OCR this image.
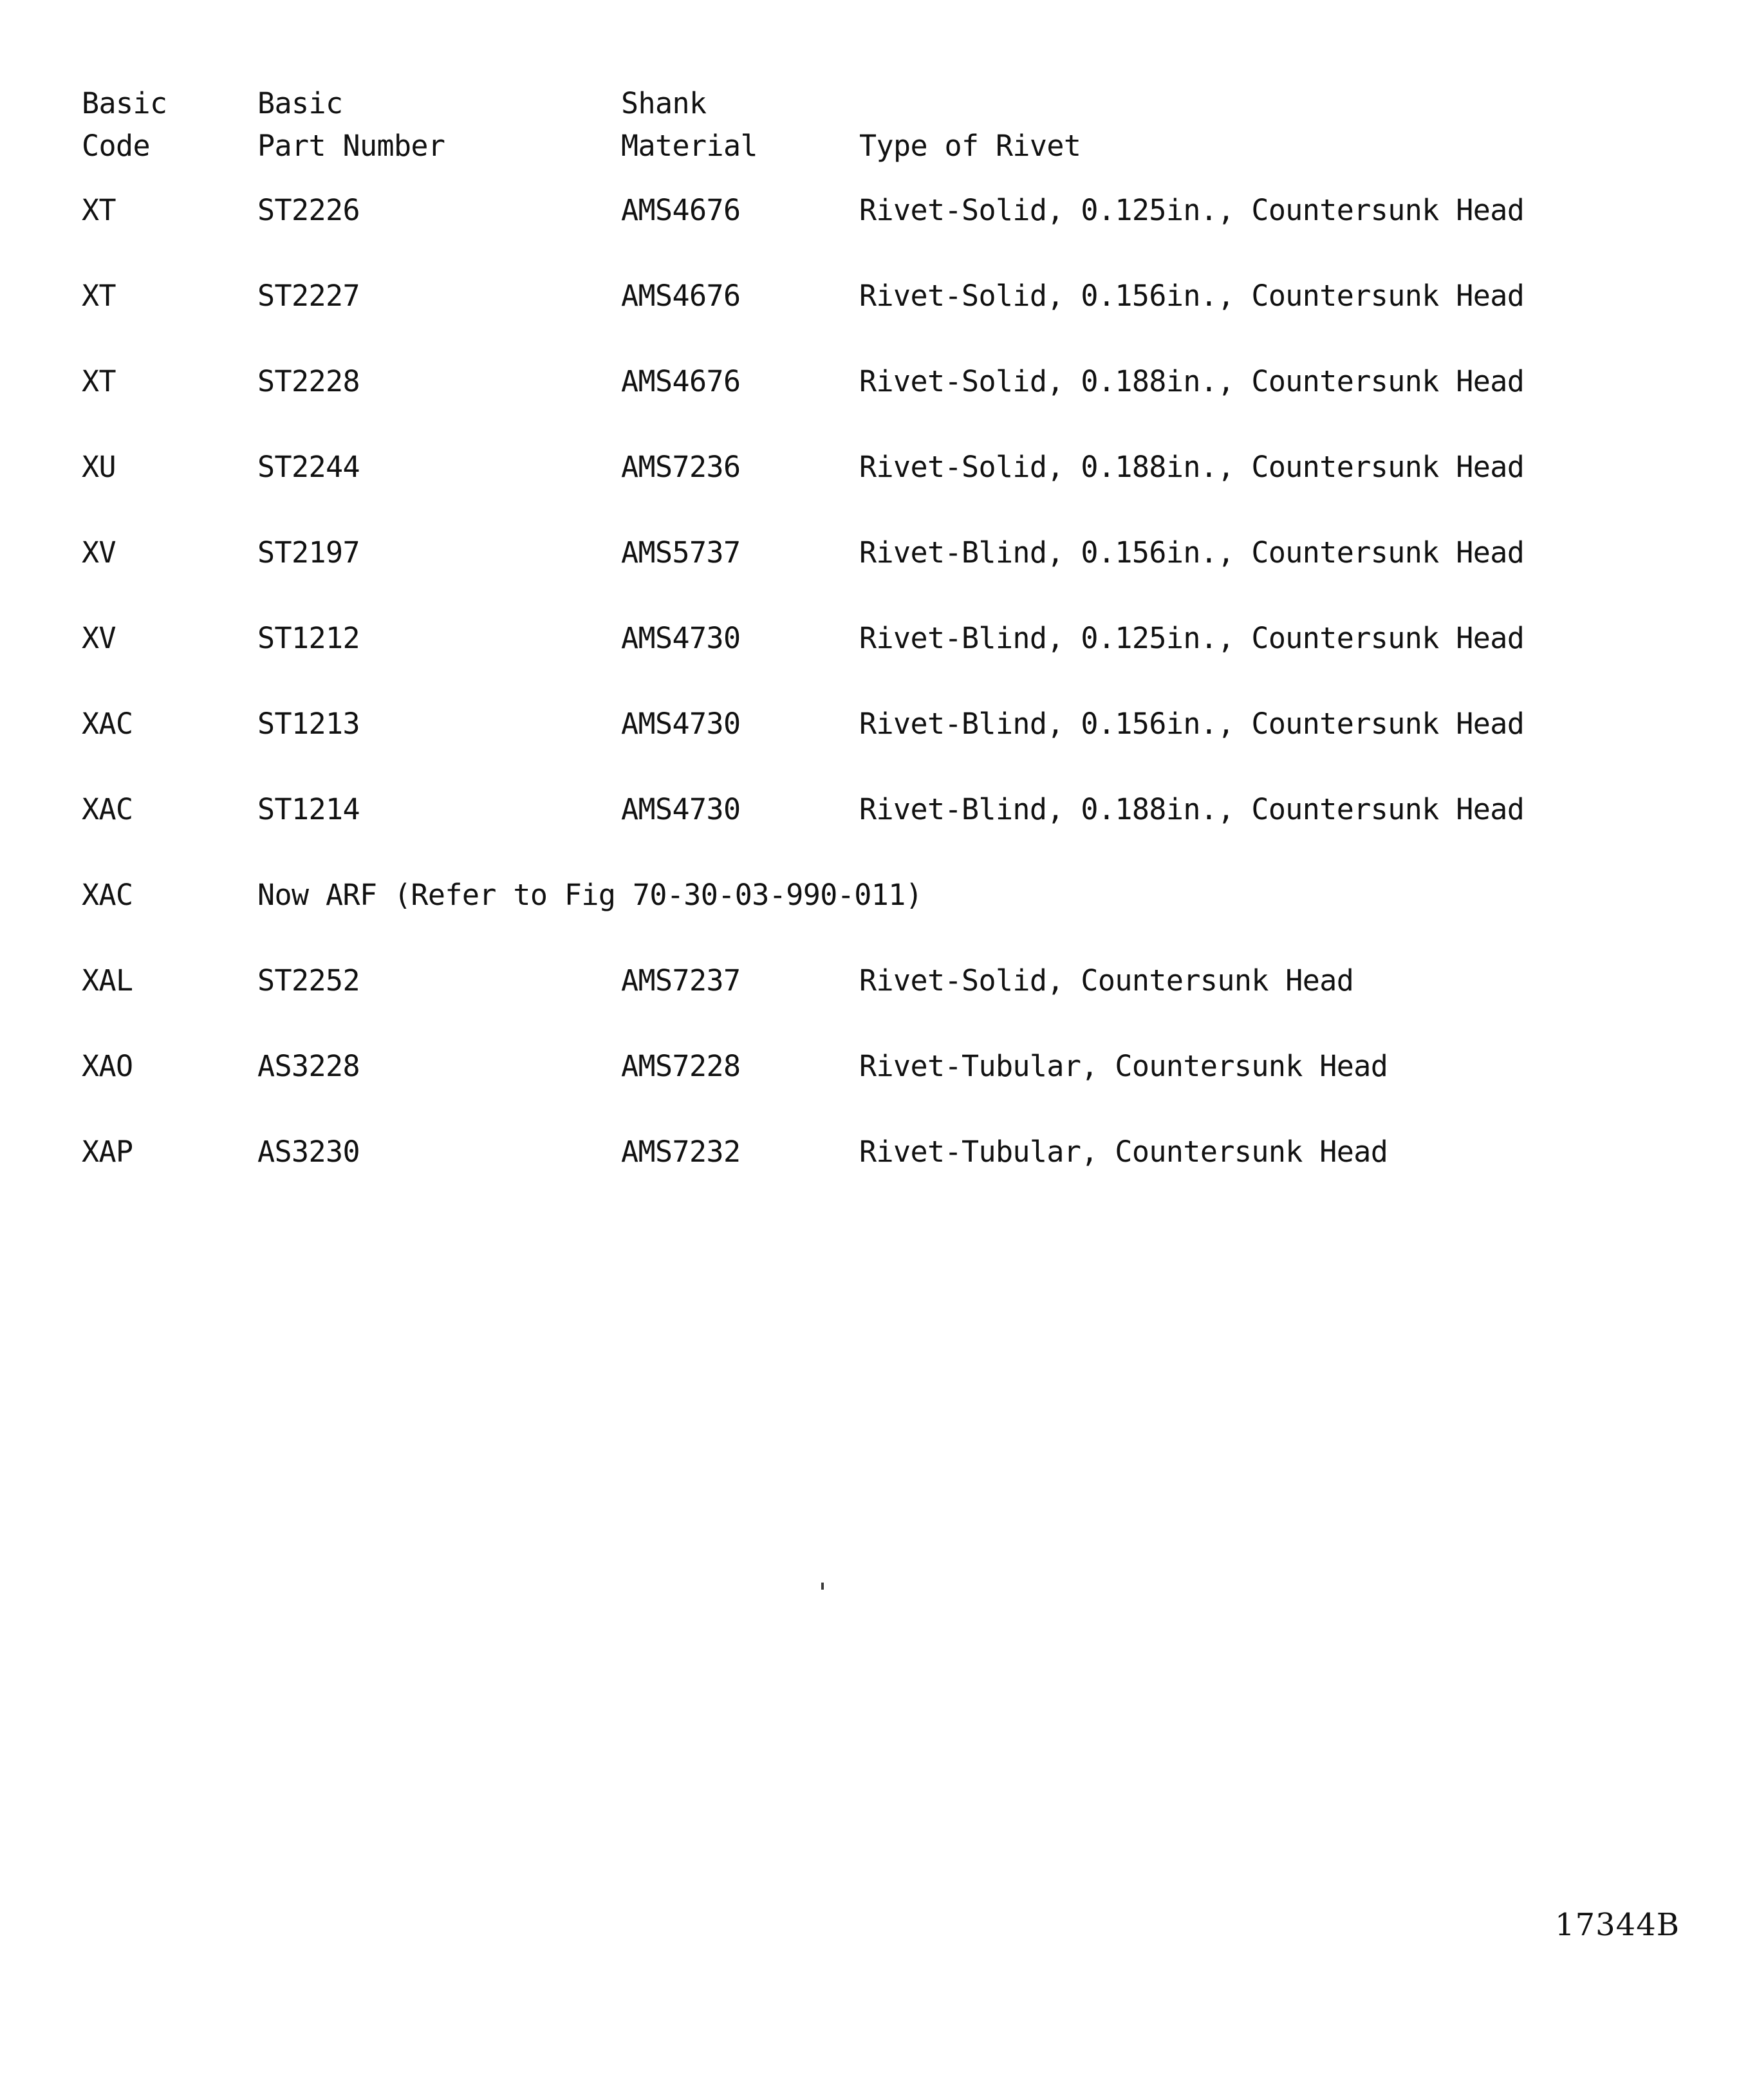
Basic	Basic	Shank	
Code	Part Number	Material	Type of Rivet
XT	ST2226	AMS4676	Rivet-Solid, 0.125in., Countersunk Head
XT	ST2227	AMS4676	Rivet-Solid, 0.156in., Countersunk Head
XT	ST2228	AMS4676	Rivet-Solid, 0.188in., Countersunk Head
XU	ST2244	AMS7236	Rivet-Solid, 0.188in., Countersunk Head
XV	ST2197	AMS5737	Rivet-Blind, 0.156in., Countersunk Head
XV	ST1212	AMS4730	Rivet-Blind, 0.125in., Countersunk Head
XAC	ST1213	AMS4730	Rivet-Blind, 0.156in., Countersunk Head
XAC	ST1214	AMS4730	Rivet-Blind, 0.188in., Countersunk Head
XAC	Now ARF (Refer to Fig 70-30-03-990-011)		
XAL	ST2252	AMS7237	Rivet-Solid, Countersunk Head
XAO	AS3228	AMS7228	Rivet-Tubular, Countersunk Head
XAP	AS3230	AMS7232	Rivet-Tubular, Countersunk Head
17344B
